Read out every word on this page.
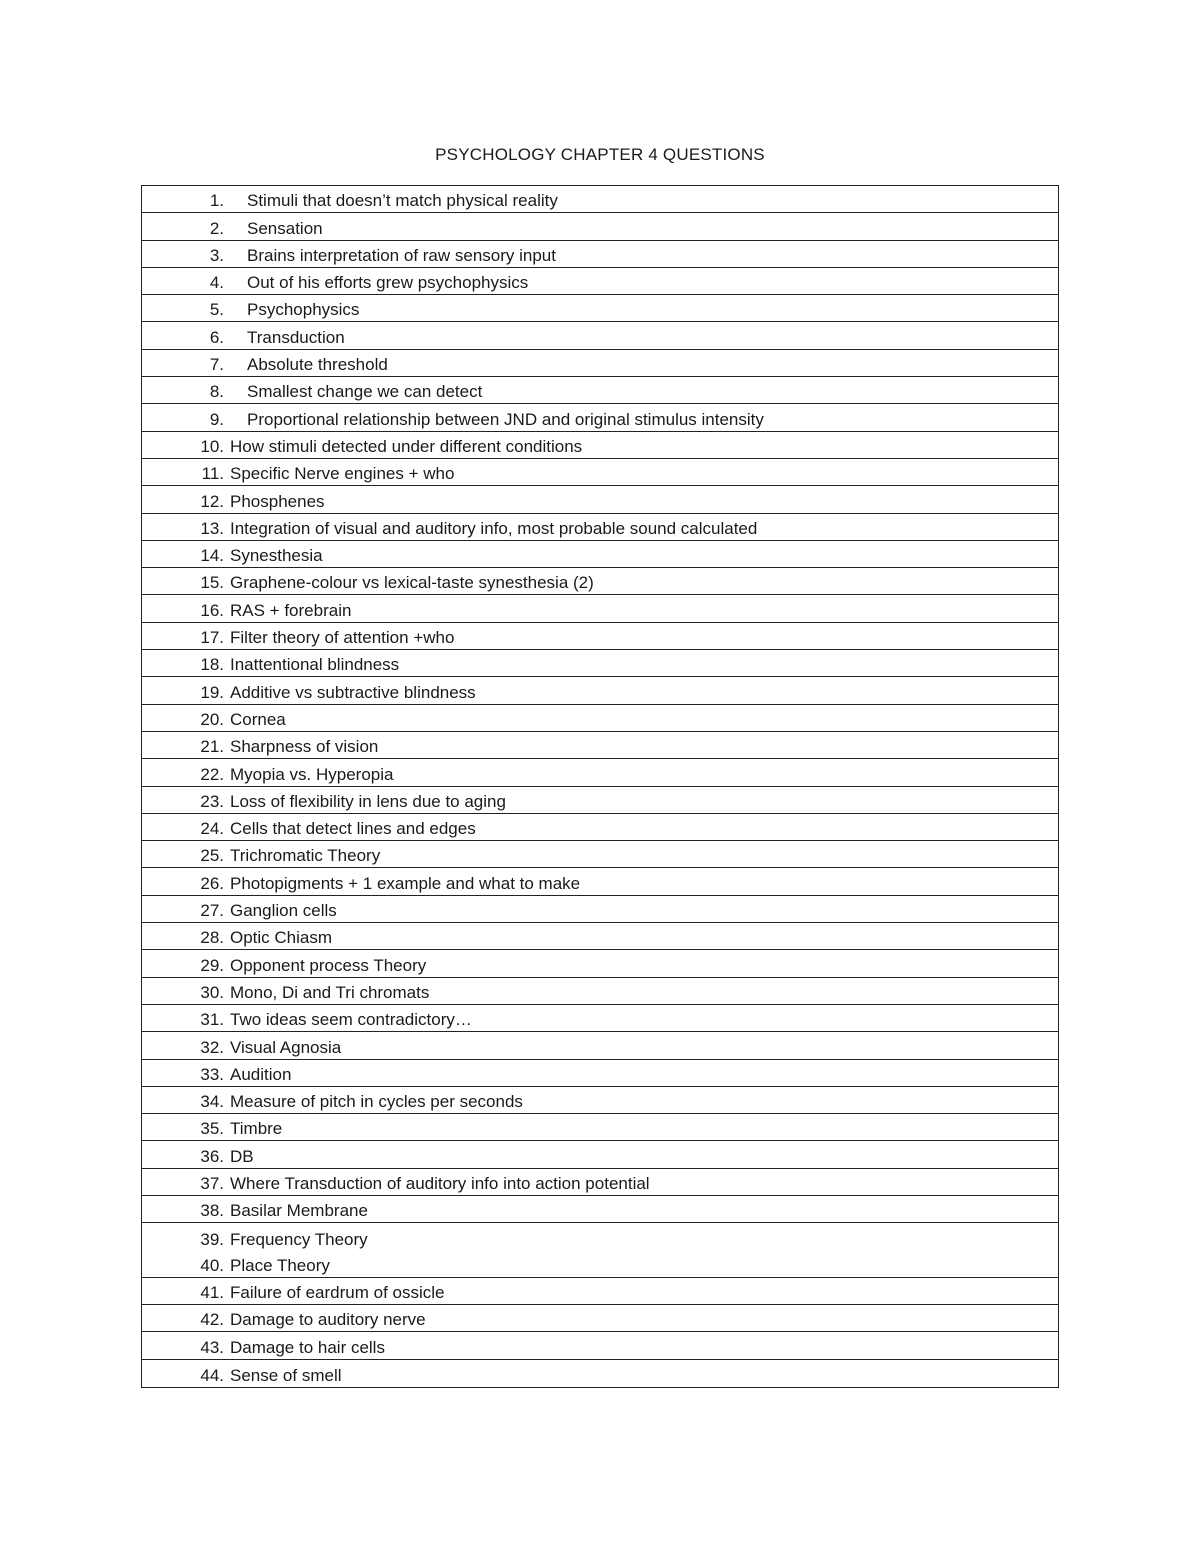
PSYCHOLOGY CHAPTER 4 QUESTIONS
1. Stimuli that doesn’t match physical reality
2. Sensation
3. Brains interpretation of raw sensory input
4. Out of his efforts grew psychophysics
5. Psychophysics
6. Transduction
7. Absolute threshold
8. Smallest change we can detect
9. Proportional relationship between JND and original stimulus intensity
10. How stimuli detected under different conditions
11. Specific Nerve engines + who
12. Phosphenes
13. Integration of visual and auditory info, most probable sound calculated
14. Synesthesia
15. Graphene-colour vs lexical-taste synesthesia (2)
16. RAS + forebrain
17. Filter theory of attention +who
18. Inattentional blindness
19. Additive vs subtractive blindness
20. Cornea
21. Sharpness of vision
22. Myopia vs. Hyperopia
23. Loss of flexibility in lens due to aging
24. Cells that detect lines and edges
25. Trichromatic Theory
26. Photopigments + 1 example and what to make
27. Ganglion cells
28. Optic Chiasm
29. Opponent process Theory
30. Mono, Di and Tri chromats
31. Two ideas seem contradictory…
32. Visual Agnosia
33. Audition
34. Measure of pitch in cycles per seconds
35. Timbre
36. DB
37. Where Transduction of auditory info into action potential
38. Basilar Membrane
39. Frequency Theory
40. Place Theory
41. Failure of eardrum of ossicle
42. Damage to auditory nerve
43. Damage to hair cells
44. Sense of smell
